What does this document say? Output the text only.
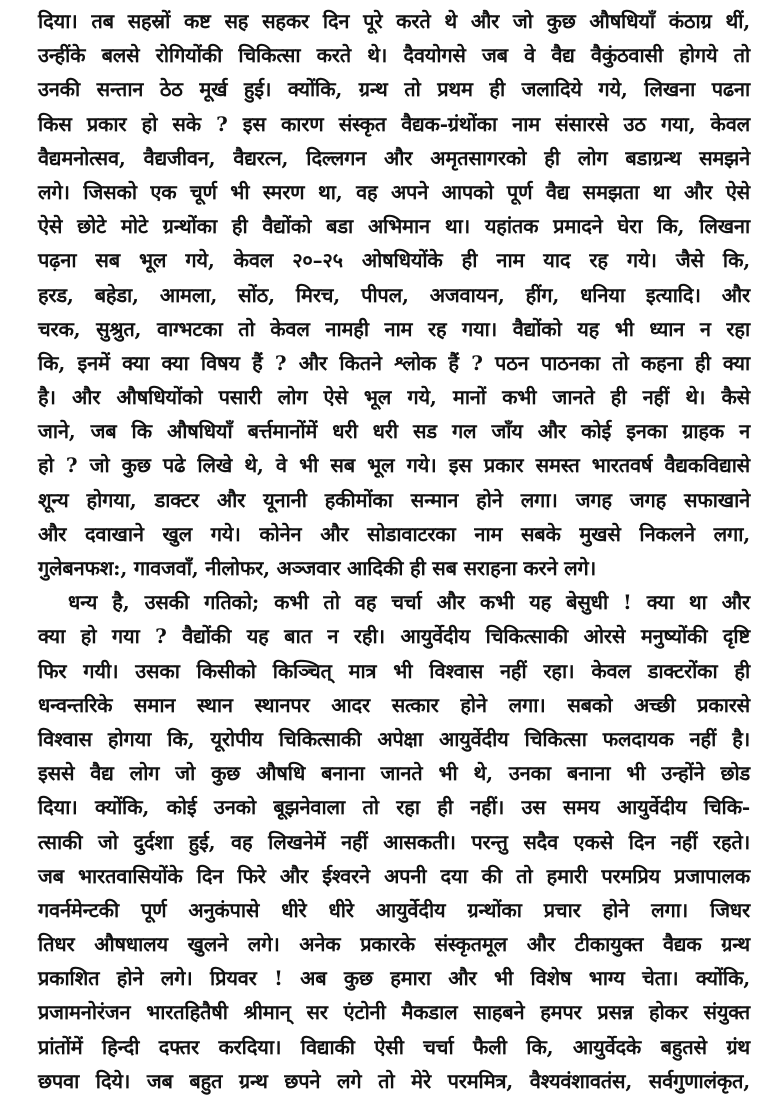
दिया। तब सहस्रों कष्ट सह सहकर दिन पूरे करते थे और जो कुछ औषधियाँ कंठाग्र थीं,
उन्हींके बलसे रोगियोंकी चिकित्सा करते थे। दैवयोगसे जब वे वैद्य वैकुंठवासी होगये तो
उनकी सन्तान ठेठ मूर्ख हुई। क्योंकि, ग्रन्थ तो प्रथम ही जलादिये गये, लिखना पढना
किस प्रकार हो सके ? इस कारण संस्कृत वैद्यक-ग्रंथोंका नाम संसारसे उठ गया, केवल
वैद्यमनोत्सव, वैद्यजीवन, वैद्यरत्न, दिल्लगन और अमृतसागरको ही लोग बडाग्रन्थ समझने
लगे। जिसको एक चूर्ण भी स्मरण था, वह अपने आपको पूर्ण वैद्य समझता था और ऐसे
ऐसे छोटे मोटे ग्रन्थोंका ही वैद्योंको बडा अभिमान था। यहांतक प्रमादने घेरा कि, लिखना
पढ़ना सब भूल गये, केवल २०–२५ ओषधियोंके ही नाम याद रह गये। जैसे कि,
हरड, बहेडा, आमला, सोंठ, मिरच, पीपल, अजवायन, हींग, धनिया इत्यादि। और
चरक, सुश्रुत, वाग्भटका तो केवल नामही नाम रह गया। वैद्योंको यह भी ध्यान न रहा
कि, इनमें क्या क्या विषय हैं ? और कितने श्लोक हैं ? पठन पाठनका तो कहना ही क्या
है। और औषधियोंको पसारी लोग ऐसे भूल गये, मानों कभी जानते ही नहीं थे। कैसे
जाने, जब कि औषधियाँ बर्त्तमानोंमें धरी धरी सड गल जाँय और कोई इनका ग्राहक न
हो ? जो कुछ पढे लिखे थे, वे भी सब भूल गये। इस प्रकार समस्त भारतवर्ष वैद्यकविद्यासे
शून्य होगया, डाक्टर और यूनानी हकीमोंका सन्मान होने लगा। जगह जगह सफाखाने
और दवाखाने खुल गये। कोनेन और सोडावाटरका नाम सबके मुखसे निकलने लगा,
गुलेबनफश:, गावजवाँ, नीलोफर, अञ्जवार आदिकी ही सब सराहना करने लगे।
धन्य है, उसकी गतिको; कभी तो वह चर्चा और कभी यह बेसुधी ! क्या था और
क्या हो गया ? वैद्योंकी यह बात न रही। आयुर्वेदीय चिकित्साकी ओरसे मनुष्योंकी दृष्टि
फिर गयी। उसका किसीको किञ्चित् मात्र भी विश्वास नहीं रहा। केवल डाक्टरोंका ही
धन्वन्तरिके समान स्थान स्थानपर आदर सत्कार होने लगा। सबको अच्छी प्रकारसे
विश्वास होगया कि, यूरोपीय चिकित्साकी अपेक्षा आयुर्वेदीय चिकित्सा फलदायक नहीं है।
इससे वैद्य लोग जो कुछ औषधि बनाना जानते भी थे, उनका बनाना भी उन्होंने छोड
दिया। क्योंकि, कोई उनको बूझनेवाला तो रहा ही नहीं। उस समय आयुर्वेदीय चिकि-
त्साकी जो दुर्दशा हुई, वह लिखनेमें नहीं आसकती। परन्तु सदैव एकसे दिन नहीं रहते।
जब भारतवासियोंके दिन फिरे और ईश्वरने अपनी दया की तो हमारी परमप्रिय प्रजापालक
गवर्नमेन्टकी पूर्ण अनुकंपासे धीरे धीरे आयुर्वेदीय ग्रन्थोंका प्रचार होने लगा। जिधर
तिधर औषधालय खुलने लगे। अनेक प्रकारके संस्कृतमूल और टीकायुक्त वैद्यक ग्रन्थ
प्रकाशित होने लगे। प्रियवर ! अब कुछ हमारा और भी विशेष भाग्य चेता। क्योंकि,
प्रजामनोरंजन भारतहितैषी श्रीमान् सर एंटोनी मैकडाल साहबने हमपर प्रसन्न होकर संयुक्त
प्रांतोंमें हिन्दी दफ्तर करदिया। विद्याकी ऐसी चर्चा फैली कि, आयुर्वेदके बहुतसे ग्रंथ
छपवा दिये। जब बहुत ग्रन्थ छपने लगे तो मेरे परममित्र, वैश्यवंशावतंस, सर्वगुणालंकृत,
